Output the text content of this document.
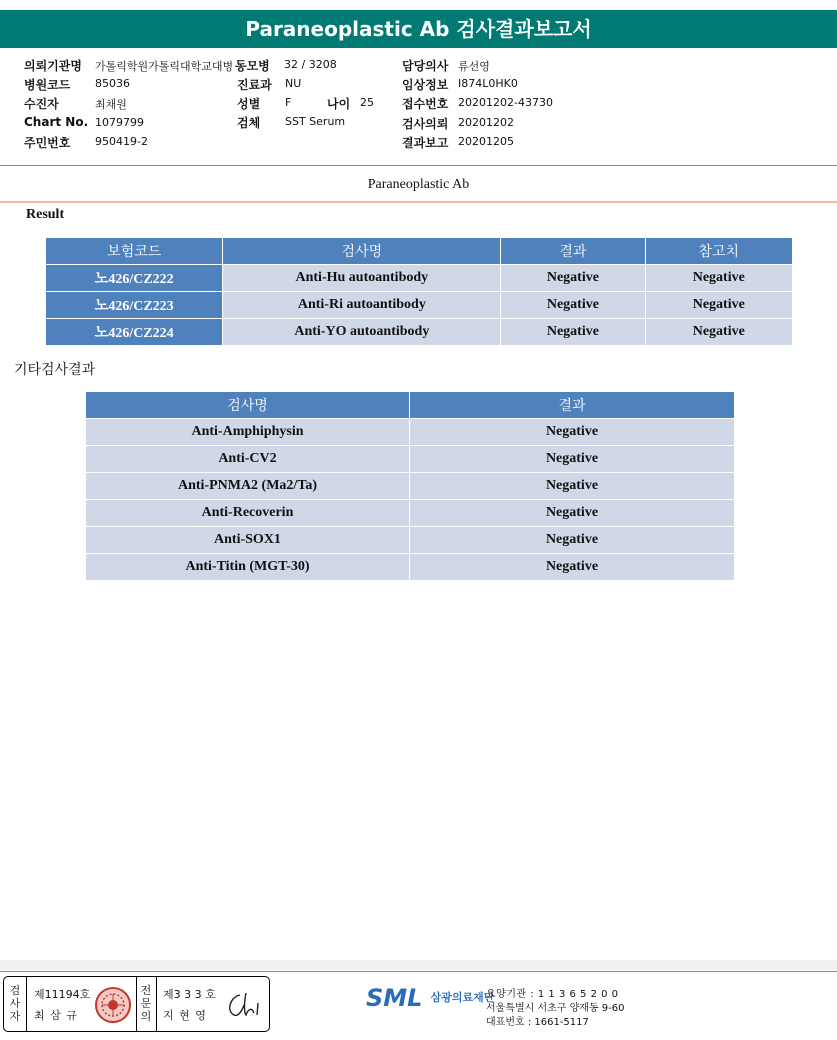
Paraneoplastic Ab 검사결과보고서
의뢰기관명 가톨릭학원가톨릭대학교대병 동모병 32 / 3208	담당의사 류선영
병원코드 85036	진료과 NU	임상정보 I874L0HK0
수진자	최채원	성별 F	나이 25 접수번호 20201202-43730
Chart No. 1079799	검체 SST Serum	검사의뢰 20201202
주민번호 950419-2	결과보고 20201205
Paraneoplastic Ab
Result
보험코드	검사명	결과	참고치
노426/CZ222	Anti-Hu autoantibody	Negative	Negative
노426/CZ223	Anti-Ri autoantibody	Negative	Negative
노426/CZ224	Anti-YO autoantibody	Negative	Negative
기타검사결과
검사명	결과
Anti-Amphiphysin	Negative
Anti-CV2	Negative
Anti-PNMA2 (Ma2/Ta)	Negative
Anti-Recoverin	Negative
Anti-SOX1	Negative
Anti-Titin (MGT-30)	Negative
검사자
제11194호
최 삼 규
전문의
제3 3 3 호
지 현 영
SML $^{삼광의료재단}$
요양기관 : 1 1 3 6 5 2 0 0
서울특별시 서초구 양재동 9-60
대표번호 : 1661-5117
